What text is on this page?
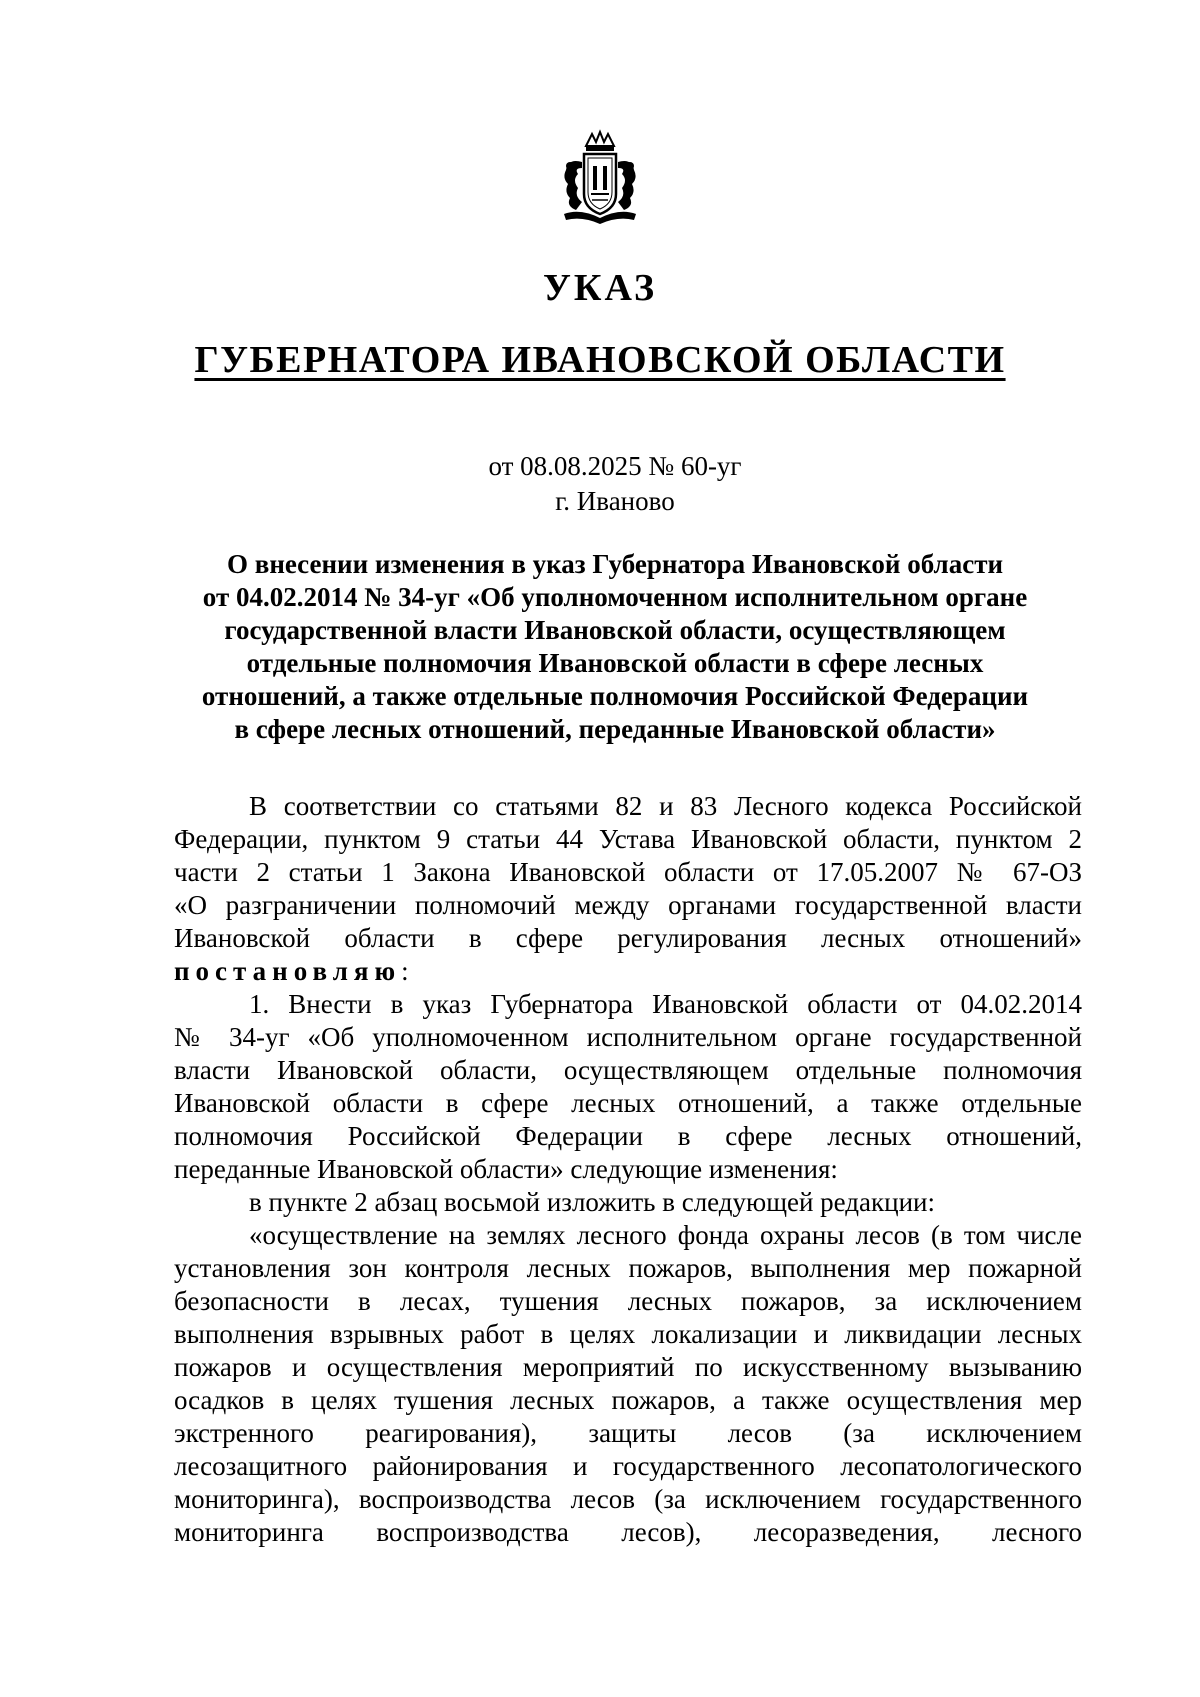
УКАЗ
ГУБЕРНАТОРА ИВАНОВСКОЙ ОБЛАСТИ

от 08.08.2025 № 60-уг

г. Иваново

О внесении изменения в указ Губернатора Ивановской области
от 04.02.2014 № 34-уг «Об уполномоченном исполнительном органе
государственной власти Ивановской области, осуществляющем
отдельные полномочия Ивановской области в сфере лесных
отношений, а также отдельные полномочия Российской Федерации
в сфере лесных отношений, переданные Ивановской области»
В соответствии со статьями 82 и 83 Лесного кодекса Российской
Федерации, пунктом 9 статьи 44 Устава Ивановской области, пунктом 2
части 2 статьи 1 Закона Ивановской области от 17.05.2007 № 67-ОЗ
«О разграничении полномочий между органами государственной власти
Ивановской области в сфере регулирования лесных отношений»
постановляю:
1. Внести в указ Губернатора Ивановской области от 04.02.2014
№ 34-уг «Об уполномоченном исполнительном органе государственной
власти Ивановской области, осуществляющем отдельные полномочия
Ивановской области в сфере лесных отношений, а также отдельные
полномочия Российской Федерации в сфере лесных отношений,
переданные Ивановской области» следующие изменения:
в пункте 2 абзац восьмой изложить в следующей редакции:
«осуществление на землях лесного фонда охраны лесов (в том числе
установления зон контроля лесных пожаров, выполнения мер пожарной
безопасности в лесах, тушения лесных пожаров, за исключением
выполнения взрывных работ в целях локализации и ликвидации лесных
пожаров и осуществления мероприятий по искусственному вызыванию
осадков в целях тушения лесных пожаров, а также осуществления мер
экстренного реагирования), защиты лесов (за исключением
лесозащитного районирования и государственного лесопатологического
мониторинга), воспроизводства лесов (за исключением государственного
мониторинга воспроизводства лесов), лесоразведения, лесного
